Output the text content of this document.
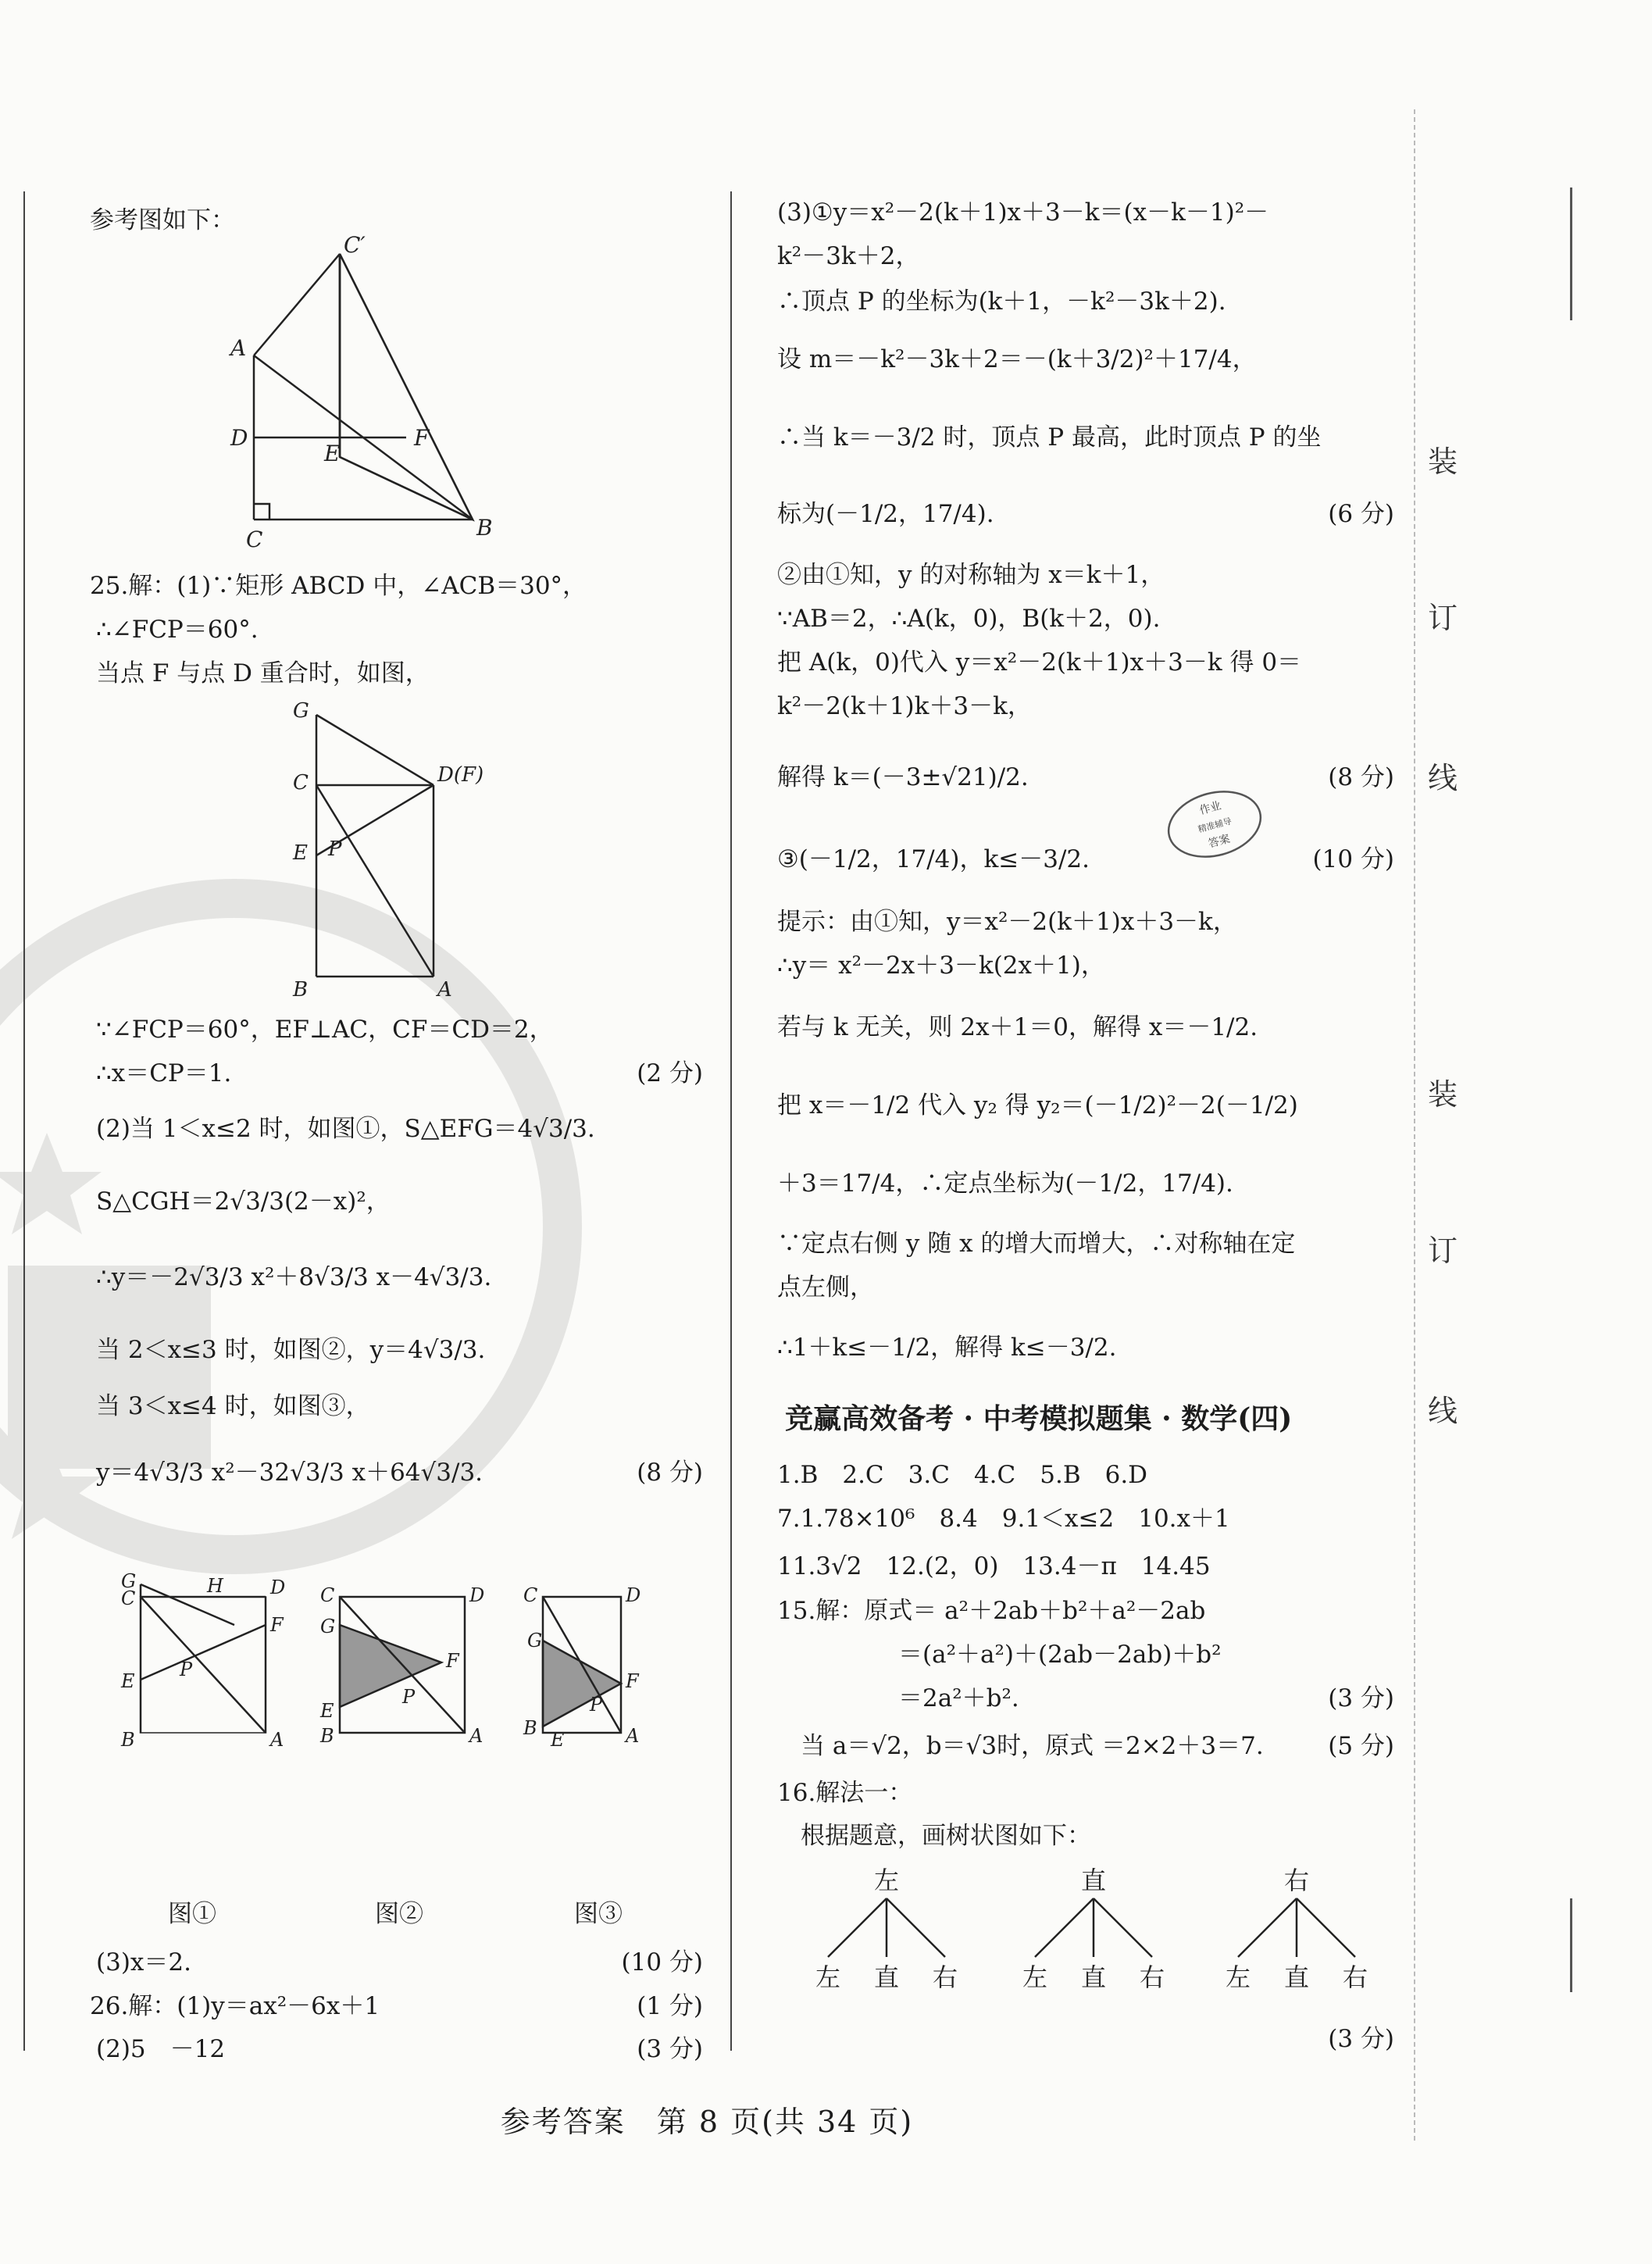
装
订
线
装
订
线
参考图如下：
C′
A
D
E
F
C	B
25.解：(1)∵矩形 ABCD 中，∠ACB＝30°，
∴∠FCP＝60°.
当点 F 与点 D 重合时，如图，
G
C	D(F)
E P
B	A
∵∠FCP＝60°，EF⊥AC，CF＝CD＝2，
∴x＝CP＝1.	(2 分)
(2)当 1＜x≤2 时，如图①，S△EFG＝4√3/3.
S△CGH＝2√3/3(2－x)²，
∴y＝－2√3/3 x²＋8√3/3 x－4√3/3.
当 2＜x≤3 时，如图②，y＝4√3/3.
当 3＜x≤4 时，如图③，
y＝4√3/3 x²－32√3/3 x＋64√3/3.	(8 分)
G	H	D
C
F
E
P
B	A
C	D
G
F
P
E
B	A
C	D
G
F
P
B
E	A
图①	图②	图③
(3)x＝2.	(10 分)
26.解：(1)y＝ax²－6x＋1	(1 分)
(2)5　－12	(3 分)
(3)①y＝x²－2(k＋1)x＋3－k＝(x－k－1)²－
k²－3k＋2，
∴顶点 P 的坐标为(k＋1，－k²－3k＋2).
设 m＝－k²－3k＋2＝－(k＋3/2)²＋17/4，
∴当 k＝－3/2 时，顶点 P 最高，此时顶点 P 的坐
标为(－1/2，17/4).	(6 分)
②由①知，y 的对称轴为 x＝k＋1，
∵AB＝2，∴A(k，0)，B(k＋2，0).
把 A(k，0)代入 y＝x²－2(k＋1)x＋3－k 得 0＝
k²－2(k＋1)k＋3－k，
解得 k＝(－3±√21)/2.	(8 分)
③(－1/2，17/4)，k≤－3/2.	(10 分)
提示：由①知，y＝x²－2(k＋1)x＋3－k，
∴y＝ x²－2x＋3－k(2x＋1)，
若与 k 无关，则 2x＋1＝0，解得 x＝－1/2.
把 x＝－1/2 代入 y₂ 得 y₂＝(－1/2)²－2(－1/2)
＋3＝17/4，∴定点坐标为(－1/2，17/4).
∵定点右侧 y 随 x 的增大而增大，∴对称轴在定
点左侧，
∴1＋k≤－1/2，解得 k≤－3/2.
竞赢高效备考 · 中考模拟题集 · 数学(四)
1.B　2.C　3.C　4.C　5.B　6.D
7.1.78×10⁶　8.4　9.1＜x≤2　10.x＋1
11.3√2　12.(2，0)　13.4－π　14.45
15.解：原式＝ a²＋2ab＋b²＋a²－2ab
＝(a²＋a²)＋(2ab－2ab)＋b²
＝2a²＋b².	(3 分)
当 a＝√2，b＝√3时，原式 ＝2×2＋3＝7.	(5 分)
16.解法一：
根据题意，画树状图如下：
左	直	右
左 直 右	左 直 右 左 直 右
(3 分)
作业
精准辅导
答案
参考答案　第 8 页(共 34 页)
